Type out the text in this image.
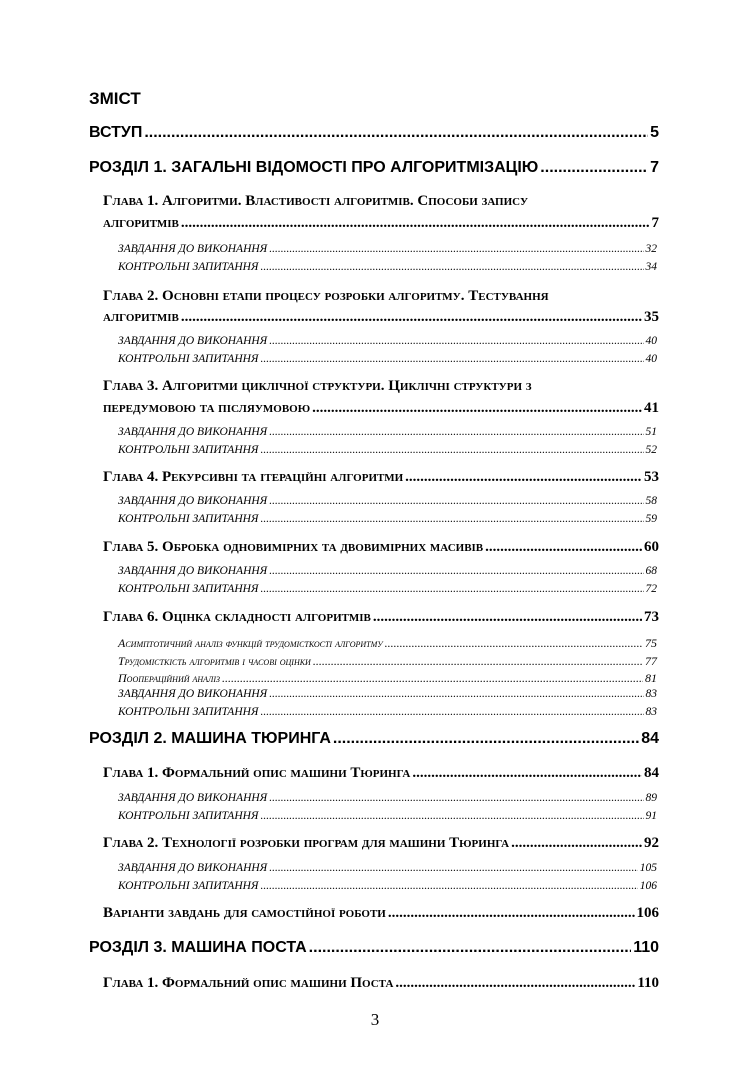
ЗМІСТ

ВСТУП .....	5
РОЗДІЛ 1. ЗАГАЛЬНІ ВІДОМОСТІ ПРО АЛГОРИТМІЗАЦІЮ .....	7

Глава 1. Алгоритми. Властивості алгоритмів. Способи запису

алгоритмів .....	7
ЗАВДАННЯ ДО ВИКОНАННЯ .....	32
КОНТРОЛЬНІ ЗАПИТАННЯ .....	34

Глава 2. Основні етапи процесу розробки алгоритму. Тестування

алгоритмів .....	35
ЗАВДАННЯ ДО ВИКОНАННЯ .....	40
КОНТРОЛЬНІ ЗАПИТАННЯ .....	40

Глава 3. Алгоритми циклічної структури. Циклічні структури з

передумовою та післяумовою .....	41
ЗАВДАННЯ ДО ВИКОНАННЯ .....	51
КОНТРОЛЬНІ ЗАПИТАННЯ .....	52
Глава 4. Рекурсивні та ітераційні алгоритми .....	53
ЗАВДАННЯ ДО ВИКОНАННЯ .....	58
КОНТРОЛЬНІ ЗАПИТАННЯ .....	59
Глава 5. Обробка одновимірних та двовимірних масивів .....	60
ЗАВДАННЯ ДО ВИКОНАННЯ .....	68
КОНТРОЛЬНІ ЗАПИТАННЯ .....	72
Глава 6. Оцінка складності алгоритмів .....	73
Асимптотичний аналіз функцій трудомісткості алгоритму .....	75
Трудомісткість алгоритмів і часові оцінки .....	77
Поопераційний аналіз .....	81
ЗАВДАННЯ ДО ВИКОНАННЯ .....	83
КОНТРОЛЬНІ ЗАПИТАННЯ .....	83
РОЗДІЛ 2. МАШИНА ТЮРИНГА .....	84
Глава 1. Формальний опис машини Тюринга .....	84
ЗАВДАННЯ ДО ВИКОНАННЯ .....	89
КОНТРОЛЬНІ ЗАПИТАННЯ .....	91
Глава 2. Технології розробки програм для машини Тюринга .....	92
ЗАВДАННЯ ДО ВИКОНАННЯ .....	105
КОНТРОЛЬНІ ЗАПИТАННЯ .....	106
Варіанти завдань для самостійної роботи .....	106
РОЗДІЛ 3. МАШИНА ПОСТА .....	110
Глава 1. Формальний опис машини Поста .....	110

3
